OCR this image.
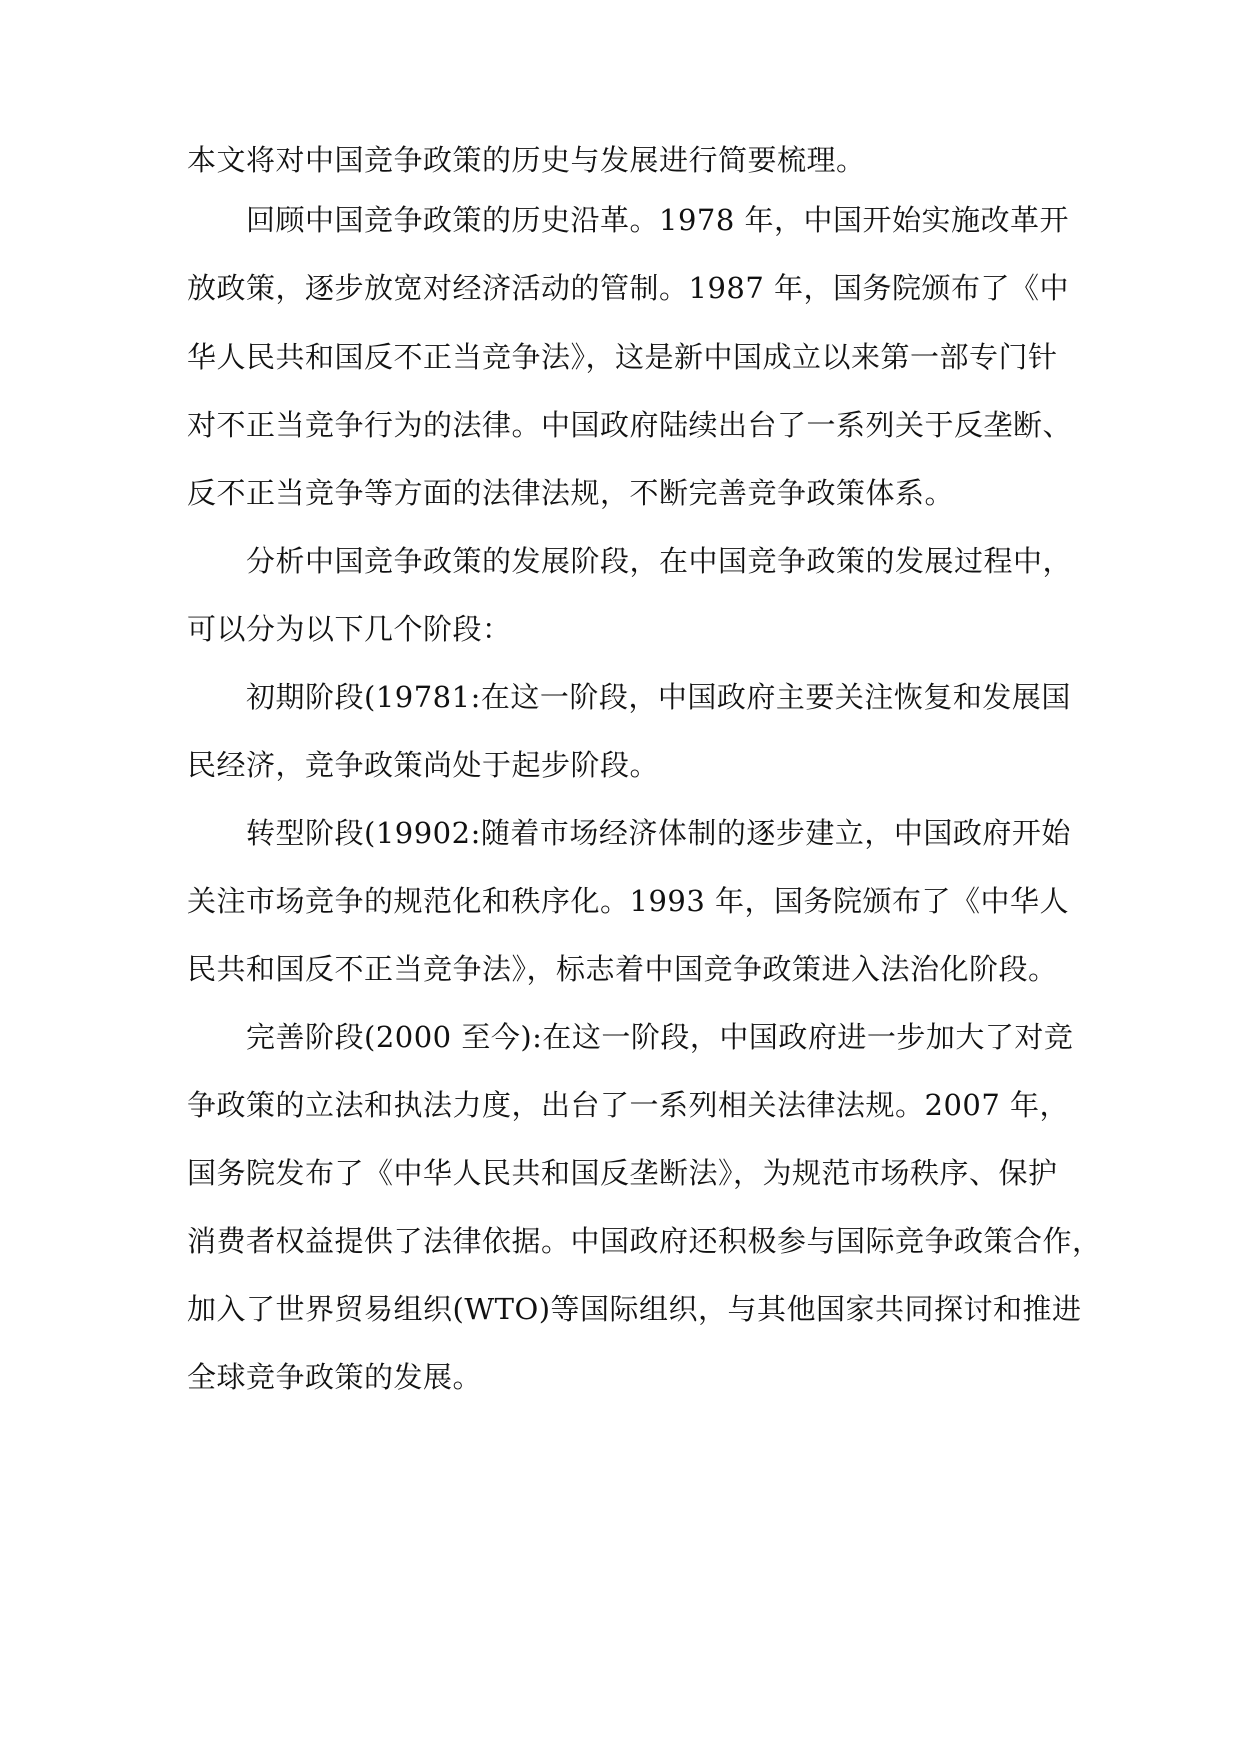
本文将对中国竞争政策的历史与发展进行简要梳理。
回顾中国竞争政策的历史沿革。1978 年，中国开始实施改革开
放政策，逐步放宽对经济活动的管制。1987 年，国务院颁布了《中
华人民共和国反不正当竞争法》，这是新中国成立以来第一部专门针
对不正当竞争行为的法律。中国政府陆续出台了一系列关于反垄断、
反不正当竞争等方面的法律法规，不断完善竞争政策体系。
分析中国竞争政策的发展阶段，在中国竞争政策的发展过程中，
可以分为以下几个阶段：
初期阶段(19781:在这一阶段，中国政府主要关注恢复和发展国
民经济，竞争政策尚处于起步阶段。
转型阶段(19902:随着市场经济体制的逐步建立，中国政府开始
关注市场竞争的规范化和秩序化。1993 年，国务院颁布了《中华人
民共和国反不正当竞争法》，标志着中国竞争政策进入法治化阶段。
完善阶段(2000 至今):在这一阶段，中国政府进一步加大了对竞
争政策的立法和执法力度，出台了一系列相关法律法规。2007 年，
国务院发布了《中华人民共和国反垄断法》，为规范市场秩序、保护
消费者权益提供了法律依据。中国政府还积极参与国际竞争政策合作，
加入了世界贸易组织(WTO)等国际组织，与其他国家共同探讨和推进
全球竞争政策的发展。
